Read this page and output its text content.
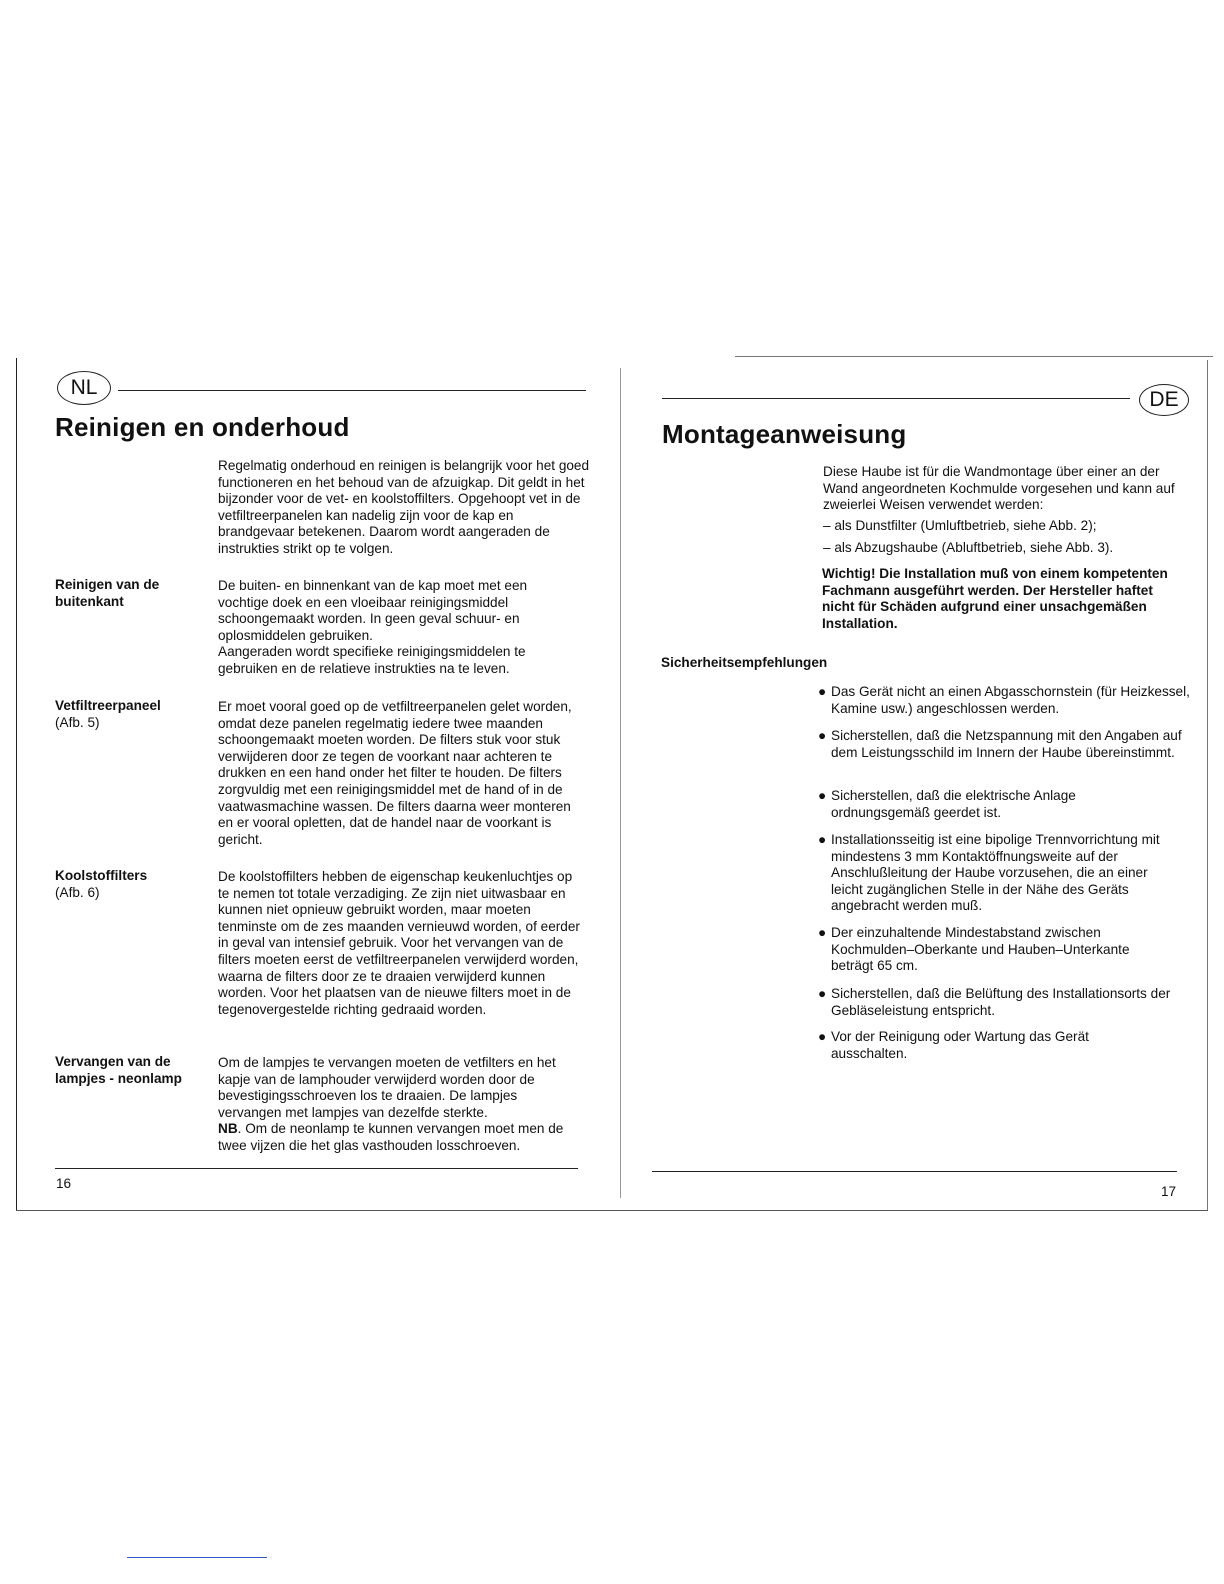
NL
Reinigen en onderhoud

Regelmatig onderhoud en reinigen is belangrijk voor het goed functioneren en het behoud van de afzuigkap. Dit geldt in het bijzonder voor de vet- en koolstoffilters. Opgehoopt vet in de vetfiltreerpanelen kan nadelig zijn voor de kap en brandgevaar betekenen. Daarom wordt aangeraden de instrukties strikt op te volgen.

Reinigen van de buitenkant

De buiten- en binnenkant van de kap moet met een vochtige doek en een vloeibaar reinigingsmiddel schoongemaakt worden. In geen geval schuur- en oplosmiddelen gebruiken.

Aangeraden wordt specifieke reinigingsmiddelen te gebruiken en de relatieve instrukties na te leven.

Vetfiltreerpaneel
(Afb. 5)

Er moet vooral goed op de vetfiltreerpanelen gelet worden, omdat deze panelen regelmatig iedere twee maanden schoongemaakt moeten worden. De filters stuk voor stuk verwijderen door ze tegen de voorkant naar achteren te drukken en een hand onder het filter te houden. De filters zorgvuldig met een reinigingsmiddel met de hand of in de vaatwasmachine wassen. De filters daarna weer monteren en er vooral opletten, dat de handel naar de voorkant is gericht.

Koolstoffilters
(Afb. 6)

De koolstoffilters hebben de eigenschap keukenluchtjes op te nemen tot totale verzadiging. Ze zijn niet uitwasbaar en kunnen niet opnieuw gebruikt worden, maar moeten tenminste om de zes maanden vernieuwd worden, of eerder in geval van intensief gebruik. Voor het vervangen van de filters moeten eerst de vetfiltreerpanelen verwijderd worden, waarna de filters door ze te draaien verwijderd kunnen worden. Voor het plaatsen van de nieuwe filters moet in de tegenovergestelde richting gedraaid worden.

Vervangen van de lampjes - neonlamp

Om de lampjes te vervangen moeten de vetfilters en het kapje van de lamphouder verwijderd worden door de bevestigingsschroeven los te draaien. De lampjes vervangen met lampjes van dezelfde sterkte.

NB. Om de neonlamp te kunnen vervangen moet men de twee vijzen die het glas vasthouden losschroeven.

16
DE
Montageanweisung

Diese Haube ist für die Wandmontage über einer an der Wand angeordneten Kochmulde vorgesehen und kann auf zweierlei Weisen verwendet werden:

– als Dunstfilter (Umluftbetrieb, siehe Abb. 2);

– als Abzugshaube (Abluftbetrieb, siehe Abb. 3).

Wichtig! Die Installation muß von einem kompetenten Fachmann ausgeführt werden. Der Hersteller haftet nicht für Schäden aufgrund einer unsachgemäßen Installation.

Sicherheitsempfehlungen
● Das Gerät nicht an einen Abgasschornstein (für Heizkessel, Kamine usw.) angeschlossen werden.
● Sicherstellen, daß die Netzspannung mit den Angaben auf dem Leistungsschild im Innern der Haube übereinstimmt.
● Sicherstellen, daß die elektrische Anlage ordnungsgemäß geerdet ist.
● Installationsseitig ist eine bipolige Trennvorrichtung mit mindestens 3 mm Kontaktöffnungsweite auf der Anschlußleitung der Haube vorzusehen, die an einer leicht zugänglichen Stelle in der Nähe des Geräts angebracht werden muß.
● Der einzuhaltende Mindestabstand zwischen Kochmulden–Oberkante und Hauben–Unterkante beträgt 65 cm.
● Sicherstellen, daß die Belüftung des Installationsorts der Gebläseleistung entspricht.
● Vor der Reinigung oder Wartung das Gerät ausschalten.
17
